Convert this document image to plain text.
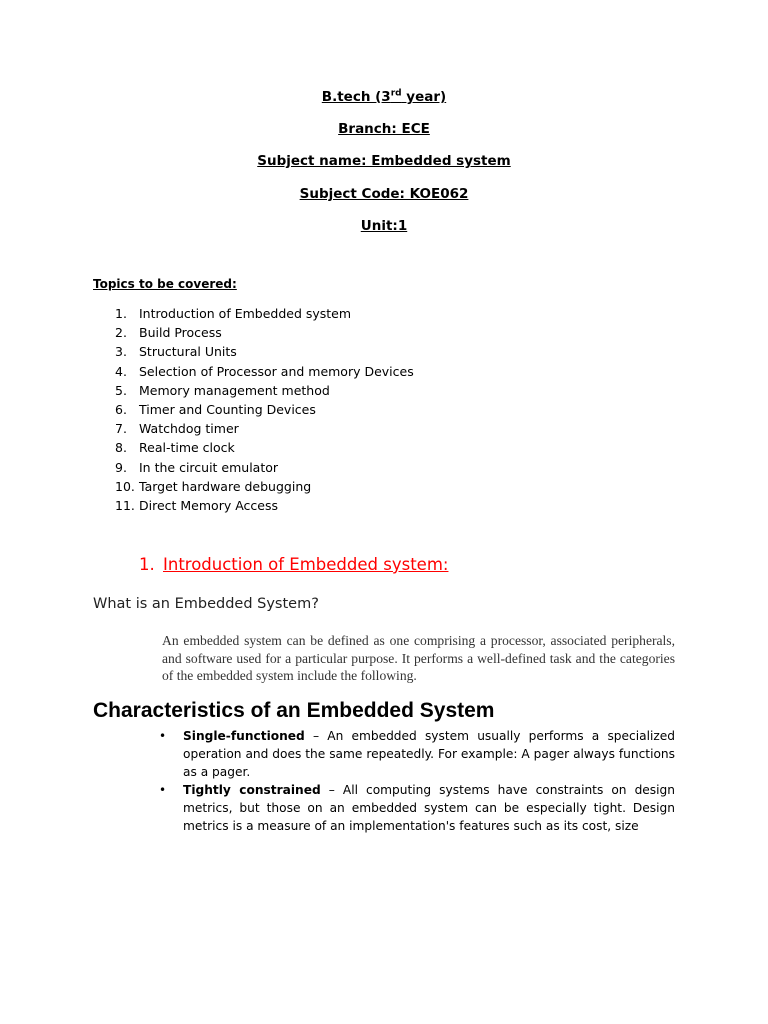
B.tech (3rd year)
Branch: ECE
Subject name: Embedded system
Subject Code: KOE062
Unit:1
Topics to be covered:
1. Introduction of Embedded system
2. Build Process
3. Structural Units
4. Selection of Processor and memory Devices
5. Memory management method
6. Timer and Counting Devices
7. Watchdog timer
8. Real-time clock
9. In the circuit emulator
10. Target hardware debugging
11. Direct Memory Access
1. Introduction of Embedded system:
What is an Embedded System?
An embedded system can be defined as one comprising a processor, associated peripherals, and software used for a particular purpose. It performs a well-defined task and the categories of the embedded system include the following.
Characteristics of an Embedded System
• Single-functioned – An embedded system usually performs a specialized operation and does the same repeatedly. For example: A pager always functions as a pager.
• Tightly constrained – All computing systems have constraints on design metrics, but those on an embedded system can be especially tight. Design metrics is a measure of an implementation's features such as its cost, size
